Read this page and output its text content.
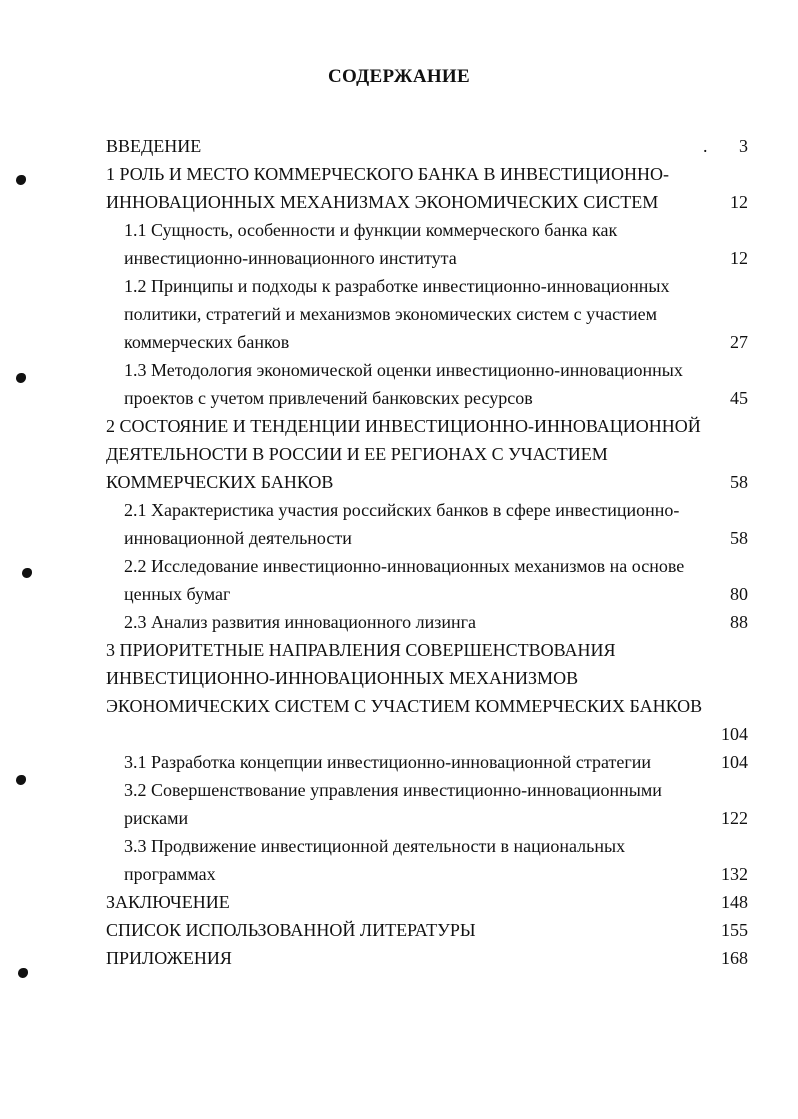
СОДЕРЖАНИЕ
.
ВВЕДЕНИЕ	3
1 РОЛЬ И МЕСТО КОММЕРЧЕСКОГО БАНКА В ИНВЕСТИЦИОННО-
ИННОВАЦИОННЫХ МЕХАНИЗМАХ ЭКОНОМИЧЕСКИХ СИСТЕМ	12
1.1 Сущность, особенности и функции коммерческого банка как
инвестиционно-инновационного института	12
1.2 Принципы и подходы к разработке инвестиционно-инновационных
политики, стратегий и механизмов экономических систем с участием
коммерческих банков	27
1.3 Методология экономической оценки инвестиционно-инновационных
проектов с учетом привлечений банковских ресурсов	45
2 СОСТОЯНИЕ И ТЕНДЕНЦИИ ИНВЕСТИЦИОННО-ИННОВАЦИОННОЙ
ДЕЯТЕЛЬНОСТИ В РОССИИ И ЕЕ РЕГИОНАХ С УЧАСТИЕМ
КОММЕРЧЕСКИХ БАНКОВ	58
2.1 Характеристика участия российских банков в сфере инвестиционно-
инновационной деятельности	58
2.2 Исследование инвестиционно-инновационных механизмов на основе
ценных бумаг	80
2.3 Анализ развития инновационного лизинга	88
3 ПРИОРИТЕТНЫЕ НАПРАВЛЕНИЯ СОВЕРШЕНСТВОВАНИЯ
ИНВЕСТИЦИОННО-ИННОВАЦИОННЫХ МЕХАНИЗМОВ
ЭКОНОМИЧЕСКИХ СИСТЕМ С УЧАСТИЕМ КОММЕРЧЕСКИХ БАНКОВ
104
3.1 Разработка концепции инвестиционно-инновационной стратегии	104
3.2 Совершенствование управления инвестиционно-инновационными
рисками	122
3.3 Продвижение инвестиционной деятельности в национальных
программах	132
ЗАКЛЮЧЕНИЕ	148
СПИСОК ИСПОЛЬЗОВАННОЙ ЛИТЕРАТУРЫ	155
ПРИЛОЖЕНИЯ	168
